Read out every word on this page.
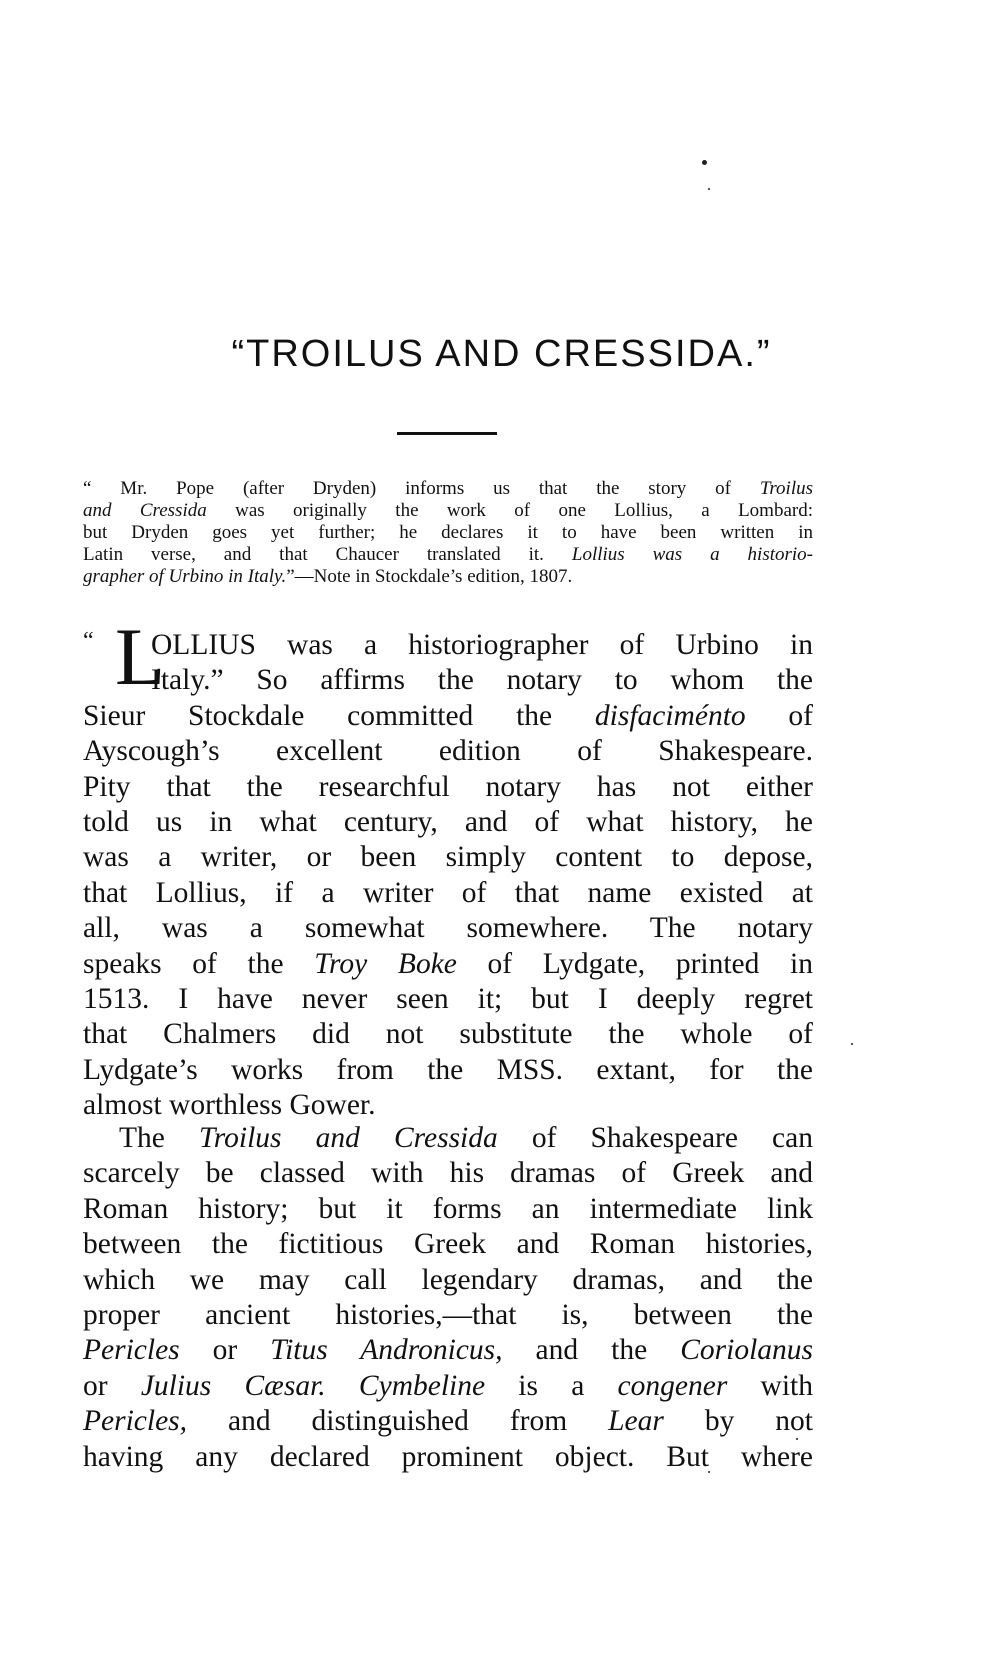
“TROILUS AND CRESSIDA.”

“ Mr. Pope (after Dryden) informs us that the story of Troilus
and Cressida was originally the work of one Lollius, a Lombard:
but Dryden goes yet further; he declares it to have been written in
Latin verse, and that Chaucer translated it. Lollius was a historio-
grapher of Urbino in Italy.”—Note in Stockdale’s edition, 1807.

“ L

OLLIUS was a historiographer of Urbino in
Italy.” So affirms the notary to whom the
Sieur Stockdale committed the disfaciménto of
Ayscough’s excellent edition of Shakespeare.
Pity that the researchful notary has not either
told us in what century, and of what history, he
was a writer, or been simply content to depose,
that Lollius, if a writer of that name existed at
all, was a somewhat somewhere. The notary
speaks of the Troy Boke of Lydgate, printed in
1513. I have never seen it; but I deeply regret
that Chalmers did not substitute the whole of
Lydgate’s works from the MSS. extant, for the
almost worthless Gower.

The Troilus and Cressida of Shakespeare can
scarcely be classed with his dramas of Greek and
Roman history; but it forms an intermediate link
between the fictitious Greek and Roman histories,
which we may call legendary dramas, and the
proper ancient histories,—that is, between the
Pericles or Titus Andronicus, and the Coriolanus
or Julius Cæsar. Cymbeline is a congener with
Pericles, and distinguished from Lear by not
having any declared prominent object. But where
